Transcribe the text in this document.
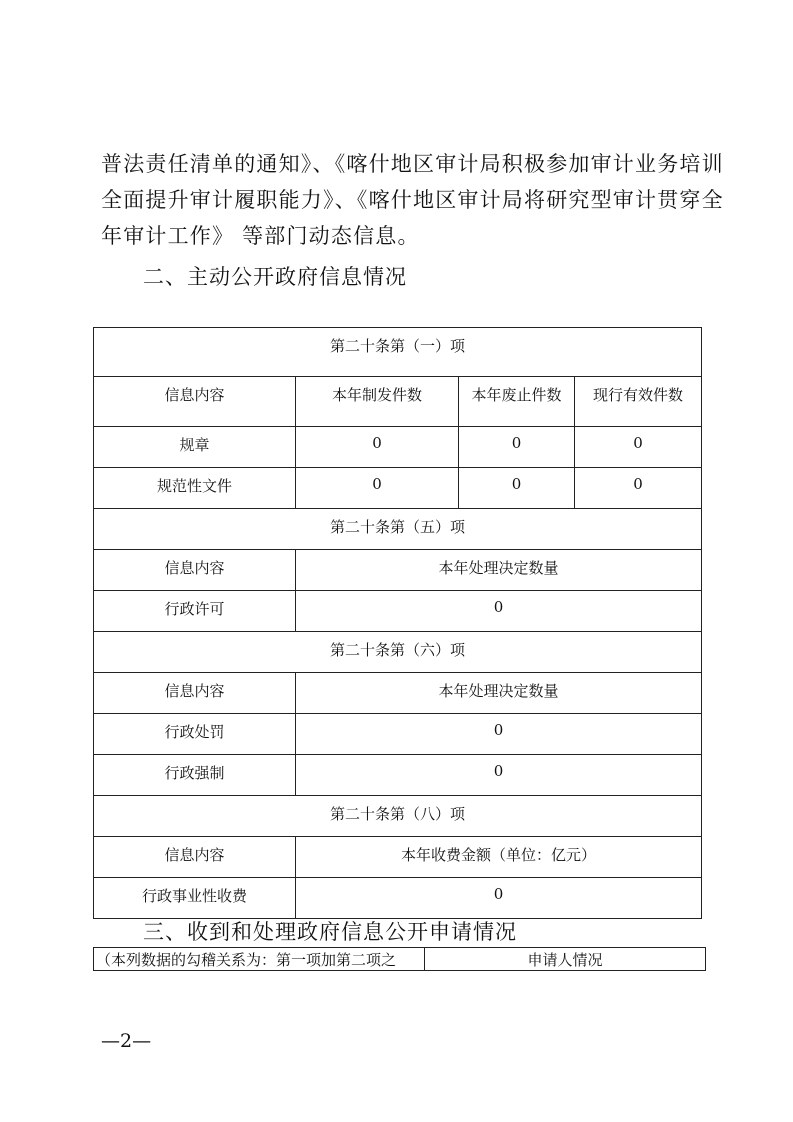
普法责任清单的通知》、《喀什地区审计局积极参加审计业务培训
全面提升审计履职能力》、《喀什地区审计局将研究型审计贯穿全
年审计工作》 等部门动态信息。
二、主动公开政府信息情况
第二十条第（一）项			
信息内容	本年制发件数	本年废止件数	现行有效件数
规章	0	0	0
规范性文件	0	0	0
第二十条第（五）项			
信息内容	本年处理决定数量		
行政许可	0		
第二十条第（六）项			
信息内容	本年处理决定数量		
行政处罚	0		
行政强制	0		
第二十条第（八）项			
信息内容	本年收费金额（单位：亿元）		
行政事业性收费	0		
三、收到和处理政府信息公开申请情况
（本列数据的勾稽关系为：第一项加第二项之	申请人情况
—2—
